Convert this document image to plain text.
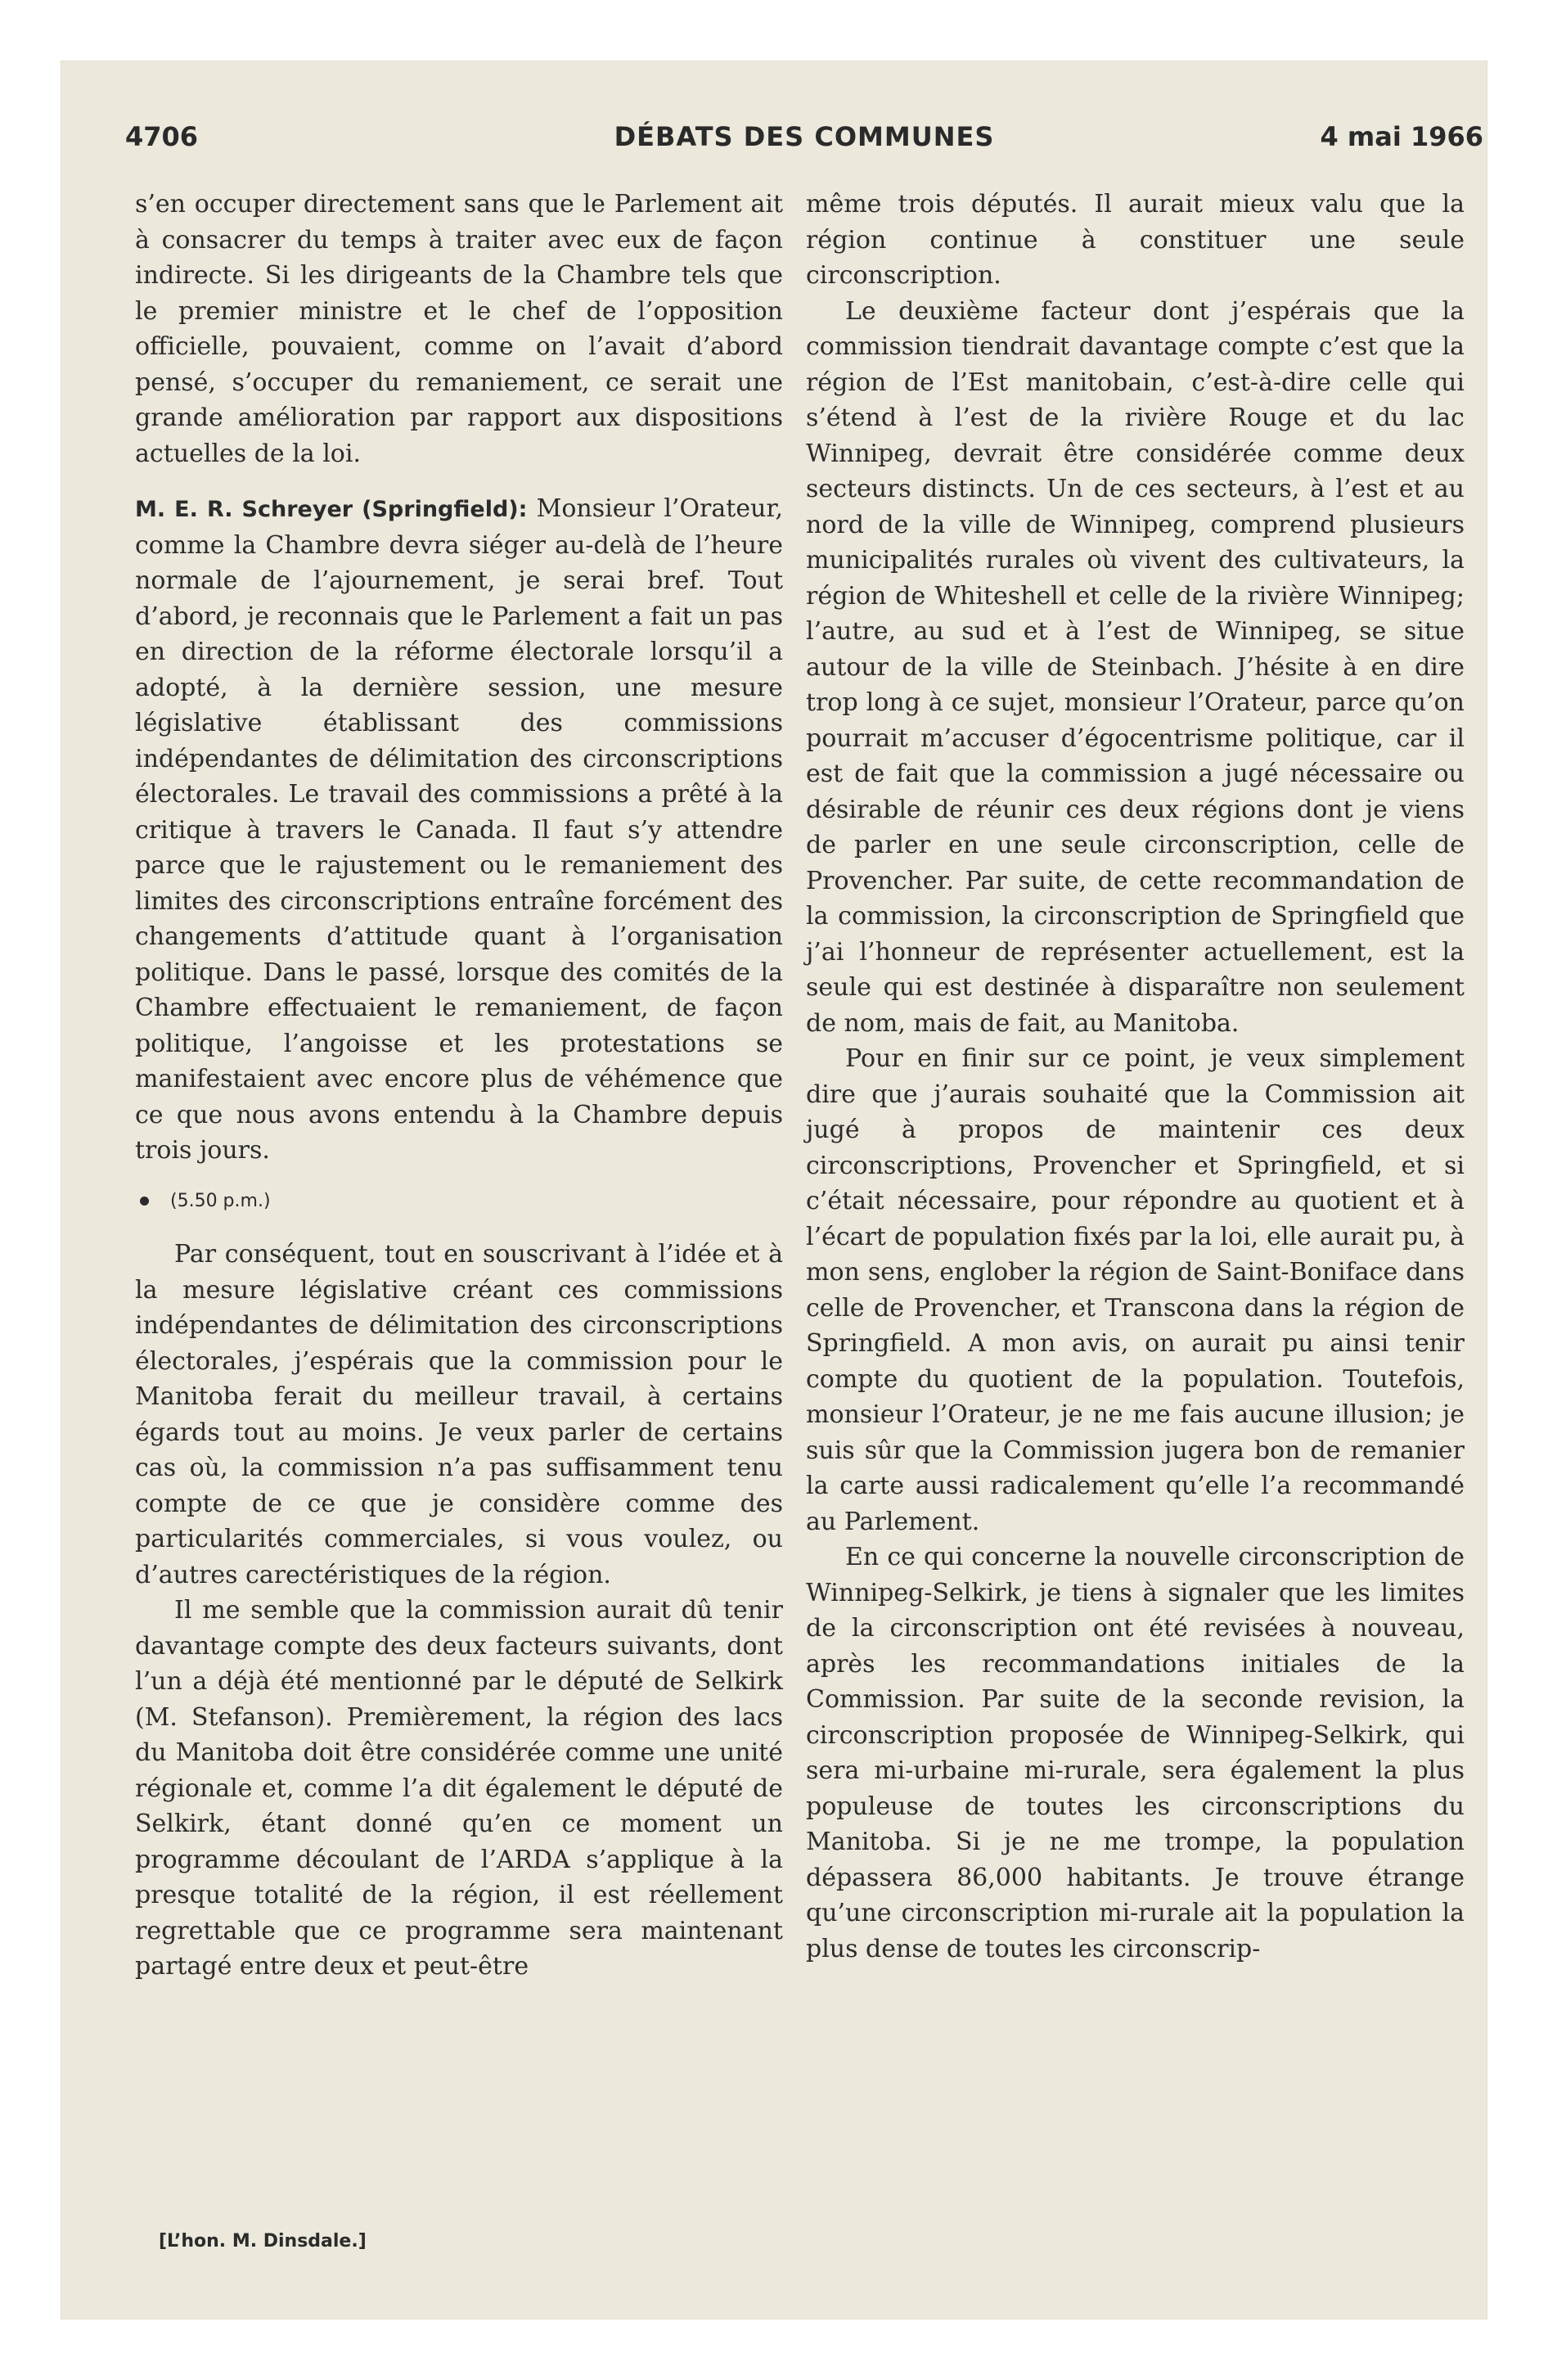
4706	DÉBATS DES COMMUNES	4 mai 1966

s’en occuper directement sans que le Parlement ait à consacrer du temps à traiter avec eux de façon indirecte. Si les dirigeants de la Chambre tels que le premier ministre et le chef de l’opposition officielle, pouvaient, comme on l’avait d’abord pensé, s’occuper du remaniement, ce serait une grande amélioration par rapport aux dispositions actuelles de la loi.

M. E. R. Schreyer (Springfield): Monsieur l’Orateur, comme la Chambre devra siéger au-delà de l’heure normale de l’ajournement, je serai bref. Tout d’abord, je reconnais que le Parlement a fait un pas en direction de la réforme électorale lorsqu’il a adopté, à la dernière session, une mesure législative établissant des commissions indépendantes de délimitation des circonscriptions électorales. Le travail des commissions a prêté à la critique à travers le Canada. Il faut s’y attendre parce que le rajustement ou le remaniement des limites des circonscriptions entraîne forcément des changements d’attitude quant à l’organisation politique. Dans le passé, lorsque des comités de la Chambre effectuaient le remaniement, de façon politique, l’angoisse et les protestations se manifestaient avec encore plus de véhémence que ce que nous avons entendu à la Chambre depuis trois jours.

(5.50 p.m.)

Par conséquent, tout en souscrivant à l’idée et à la mesure législative créant ces commissions indépendantes de délimitation des circonscriptions électorales, j’espérais que la commission pour le Manitoba ferait du meilleur travail, à certains égards tout au moins. Je veux parler de certains cas où, la commission n’a pas suffisamment tenu compte de ce que je considère comme des particularités commerciales, si vous voulez, ou d’autres carectéristiques de la région.

Il me semble que la commission aurait dû tenir davantage compte des deux facteurs suivants, dont l’un a déjà été mentionné par le député de Selkirk (M. Stefanson). Premièrement, la région des lacs du Manitoba doit être considérée comme une unité régionale et, comme l’a dit également le député de Selkirk, étant donné qu’en ce moment un programme découlant de l’ARDA s’applique à la presque totalité de la région, il est réellement regrettable que ce programme sera maintenant partagé entre deux et peut-être

même trois députés. Il aurait mieux valu que la région continue à constituer une seule circonscription.

Le deuxième facteur dont j’espérais que la commission tiendrait davantage compte c’est que la région de l’Est manitobain, c’est-à-dire celle qui s’étend à l’est de la rivière Rouge et du lac Winnipeg, devrait être considérée comme deux secteurs distincts. Un de ces secteurs, à l’est et au nord de la ville de Winnipeg, comprend plusieurs municipalités rurales où vivent des cultivateurs, la région de Whiteshell et celle de la rivière Winnipeg; l’autre, au sud et à l’est de Winnipeg, se situe autour de la ville de Steinbach. J’hésite à en dire trop long à ce sujet, monsieur l’Orateur, parce qu’on pourrait m’accuser d’égocentrisme politique, car il est de fait que la commission a jugé nécessaire ou désirable de réunir ces deux régions dont je viens de parler en une seule circonscription, celle de Provencher. Par suite, de cette recommandation de la commission, la circonscription de Springfield que j’ai l’honneur de représenter actuellement, est la seule qui est destinée à disparaître non seulement de nom, mais de fait, au Manitoba.

Pour en finir sur ce point, je veux simplement dire que j’aurais souhaité que la Commission ait jugé à propos de maintenir ces deux circonscriptions, Provencher et Springfield, et si c’était nécessaire, pour répondre au quotient et à l’écart de population fixés par la loi, elle aurait pu, à mon sens, englober la région de Saint-Boniface dans celle de Provencher, et Transcona dans la région de Springfield. A mon avis, on aurait pu ainsi tenir compte du quotient de la population. Toutefois, monsieur l’Orateur, je ne me fais aucune illusion; je suis sûr que la Commission jugera bon de remanier la carte aussi radicalement qu’elle l’a recommandé au Parlement.

En ce qui concerne la nouvelle circonscription de Winnipeg-Selkirk, je tiens à signaler que les limites de la circonscription ont été revisées à nouveau, après les recommandations initiales de la Commission. Par suite de la seconde revision, la circonscription proposée de Winnipeg-Selkirk, qui sera mi-urbaine mi-rurale, sera également la plus populeuse de toutes les circonscriptions du Manitoba. Si je ne me trompe, la population dépassera 86,000 habitants. Je trouve étrange qu’une circonscription mi-rurale ait la population la plus dense de toutes les circonscrip-

[L’hon. M. Dinsdale.]
